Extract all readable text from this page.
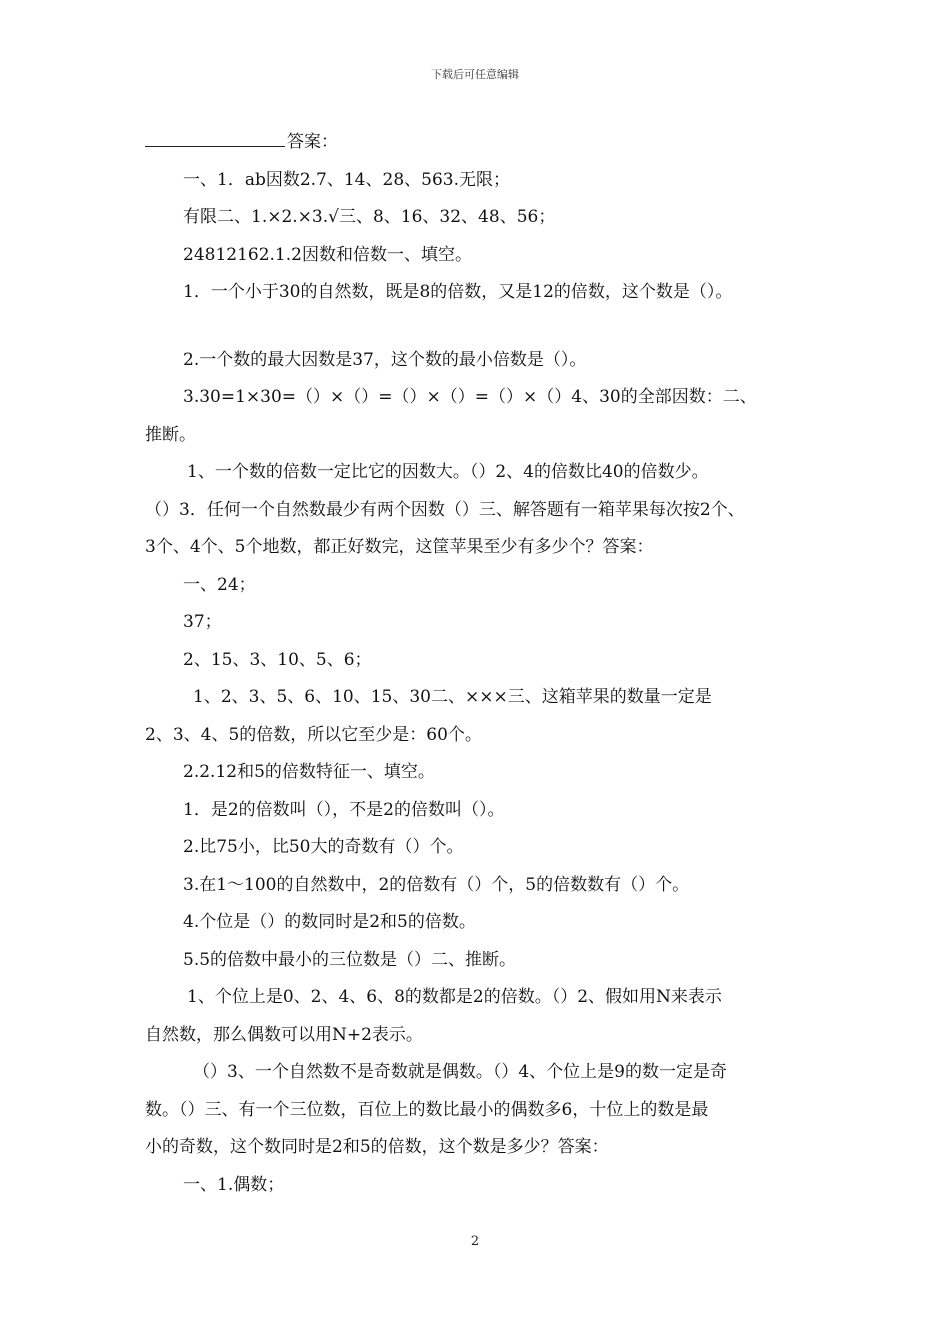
下载后可任意编辑
答案：
一、1．ab因数2.7、14、28、563.无限；
有限二、1.×2.×3.√三、8、16、32、48、56；
24812162.1.2因数和倍数一、填空。
1．一个小于30的自然数，既是8的倍数，又是12的倍数，这个数是（）。
2.一个数的最大因数是37，这个数的最小倍数是（）。
3.30=1×30=（）×（）=（）×（）=（）×（）4、30的全部因数：二、
推断。
1、一个数的倍数一定比它的因数大。（）2、4的倍数比40的倍数少。
（）3．任何一个自然数最少有两个因数（）三、解答题有一箱苹果每次按2个、
3个、4个、5个地数，都正好数完，这筐苹果至少有多少个？答案：
一、24；
37；
2、15、3、10、5、6；
1、2、3、5、6、10、15、30二、×××三、这箱苹果的数量一定是
2、3、4、5的倍数，所以它至少是：60个。
2.2.12和5的倍数特征一、填空。
1．是2的倍数叫（），不是2的倍数叫（）。
2.比75小，比50大的奇数有（）个。
3.在1～100的自然数中，2的倍数有（）个，5的倍数数有（）个。
4.个位是（）的数同时是2和5的倍数。
5.5的倍数中最小的三位数是（）二、推断。
1、个位上是0、2、4、6、8的数都是2的倍数。（）2、假如用N来表示
自然数，那么偶数可以用N+2表示。
（）3、一个自然数不是奇数就是偶数。（）4、个位上是9的数一定是奇
数。（）三、有一个三位数，百位上的数比最小的偶数多6，十位上的数是最
小的奇数，这个数同时是2和5的倍数，这个数是多少？答案：
一、1.偶数；
2
